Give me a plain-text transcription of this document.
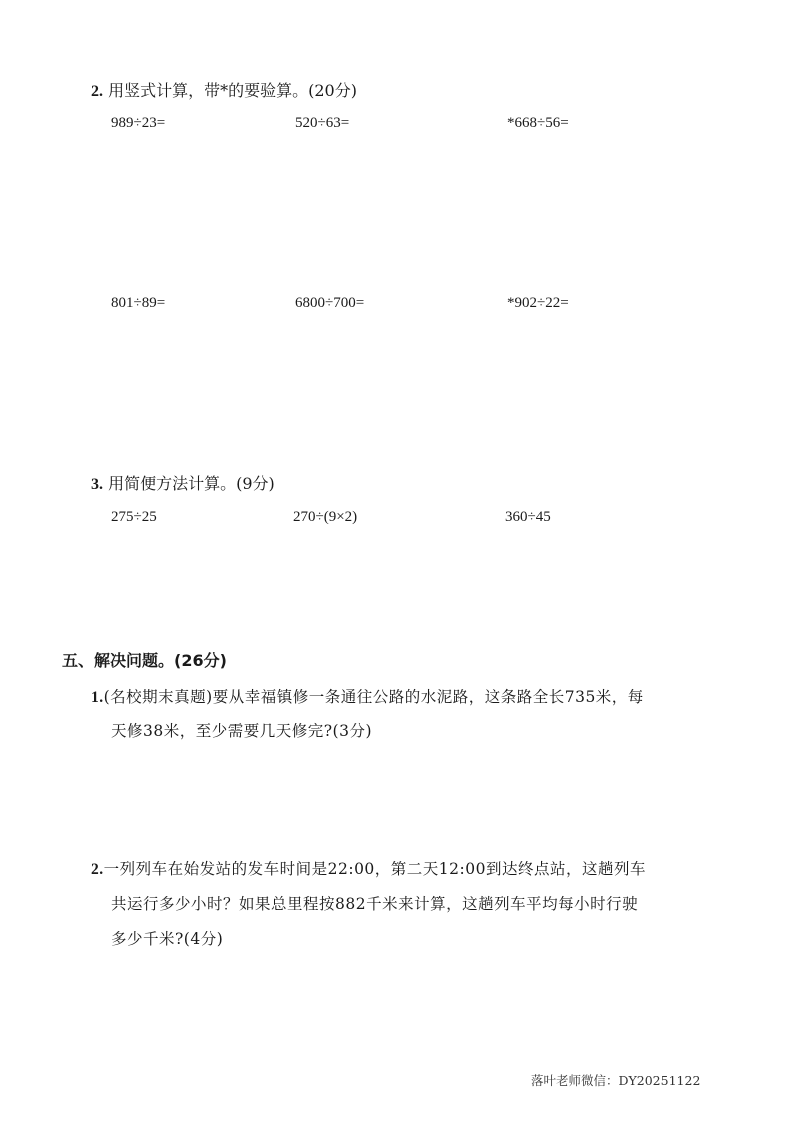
2. 用竖式计算，带*的要验算。(20分)
989÷23=	520÷63=	*668÷56=
801÷89=	6800÷700=	*902÷22=
3. 用简便方法计算。(9分)
275÷25	270÷(9×2)	360÷45
五、解决问题。(26分)
1.(名校期末真题)要从幸福镇修一条通往公路的水泥路，这条路全长735米，每
天修38米，至少需要几天修完?(3分)
2.一列列车在始发站的发车时间是22:00，第二天12:00到达终点站，这趟列车
共运行多少小时？如果总里程按882千米来计算，这趟列车平均每小时行驶
多少千米?(4分)
落叶老师微信：DY20251122
